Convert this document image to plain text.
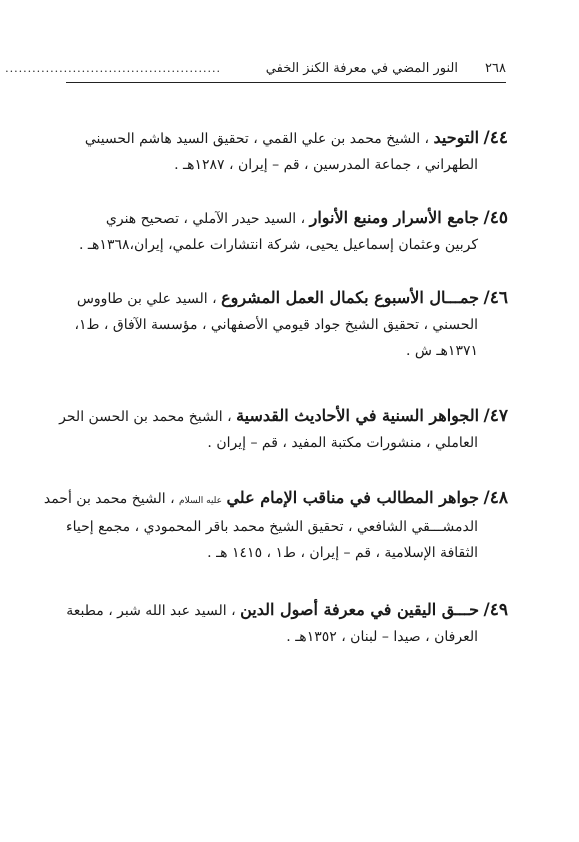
٢٦٨
النور المضي في معرفة الكنز الخفي
................................................
٤٤/ التوحيد ، الشيخ محمد بن علي القمي ، تحقيق السيد هاشم الحسيني
الطهراني ، جماعة المدرسين ، قم – إيران ، ١٢٨٧هـ .
٤٥/ جامع الأسرار ومنبع الأنوار ، السيد حيدر الآملي ، تصحيح هنري
كربين وعثمان إسماعيل يحيى، شركة انتشارات علمي، إيران،١٣٦٨هـ .
٤٦/ جمـــال الأسبوع بكمال العمل المشروع ، السيد علي بن طاووس
الحسني ، تحقيق الشيخ جواد قيومي الأصفهاني ، مؤسسة الآفاق ، ط١،
١٣٧١هـ ش .
٤٧/ الجواهر السنية في الأحاديث القدسية ، الشيخ محمد بن الحسن الحر
العاملي ، منشورات مكتبة المفيد ، قم – إيران .
٤٨/ جواهر المطالب في مناقب الإمام علي عليه السلام ، الشيخ محمد بن أحمد
الدمشـــقي الشافعي ، تحقيق الشيخ محمد باقر المحمودي ، مجمع إحياء
الثقافة الإسلامية ، قم – إيران ، ط١ ، ١٤١٥ هـ .
٤٩/ حـــق اليقين في معرفة أصول الدين ، السيد عبد الله شبر ، مطبعة
العرفان ، صيدا – لبنان ، ١٣٥٢هـ .
